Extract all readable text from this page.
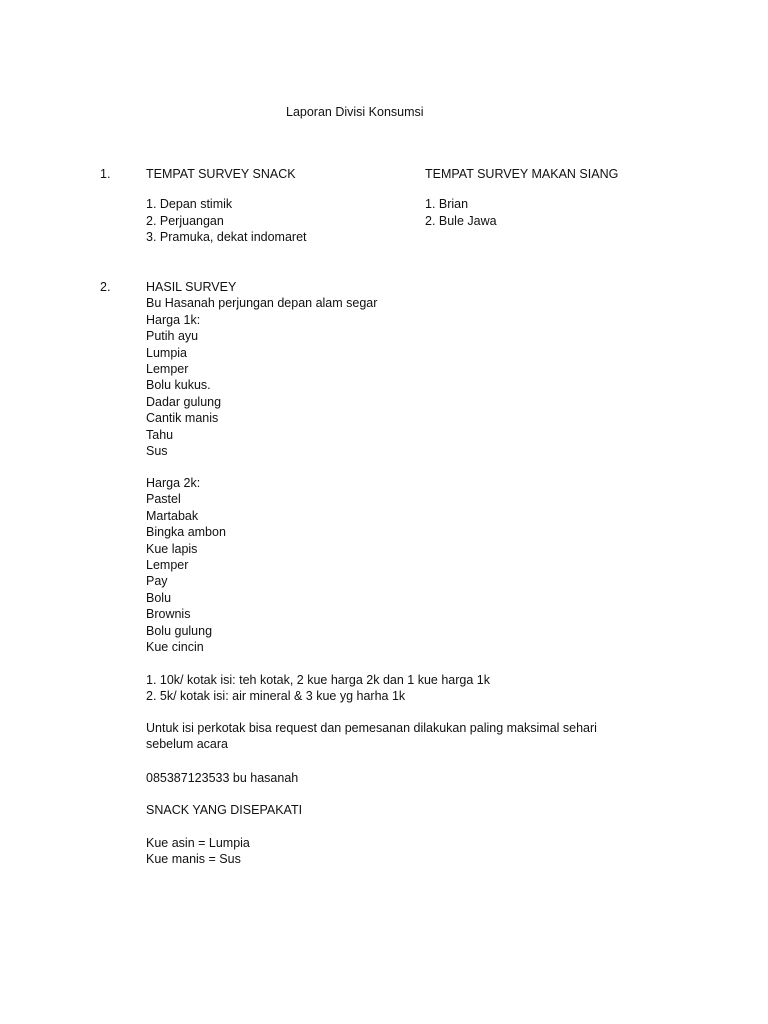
Laporan Divisi Konsumsi
1.	TEMPAT SURVEY SNACK
1. Depan stimik
2. Perjuangan
3. Pramuka, dekat indomaret
TEMPAT SURVEY MAKAN SIANG
1. Brian
2. Bule Jawa
2.	HASIL SURVEY
Bu Hasanah perjungan depan alam segar
Harga 1k:
Putih ayu
Lumpia
Lemper
Bolu kukus.
Dadar gulung
Cantik manis
Tahu
Sus
Harga 2k:
Pastel
Martabak
Bingka ambon
Kue lapis
Lemper
Pay
Bolu
Brownis
Bolu gulung
Kue cincin
1. 10k/ kotak isi: teh kotak, 2 kue harga 2k dan 1 kue harga 1k
2. 5k/ kotak isi: air mineral & 3 kue yg harha 1k
Untuk isi perkotak bisa request dan pemesanan dilakukan paling maksimal sehari
sebelum acara
085387123533 bu hasanah
SNACK YANG DISEPAKATI
Kue asin = Lumpia
Kue manis = Sus
